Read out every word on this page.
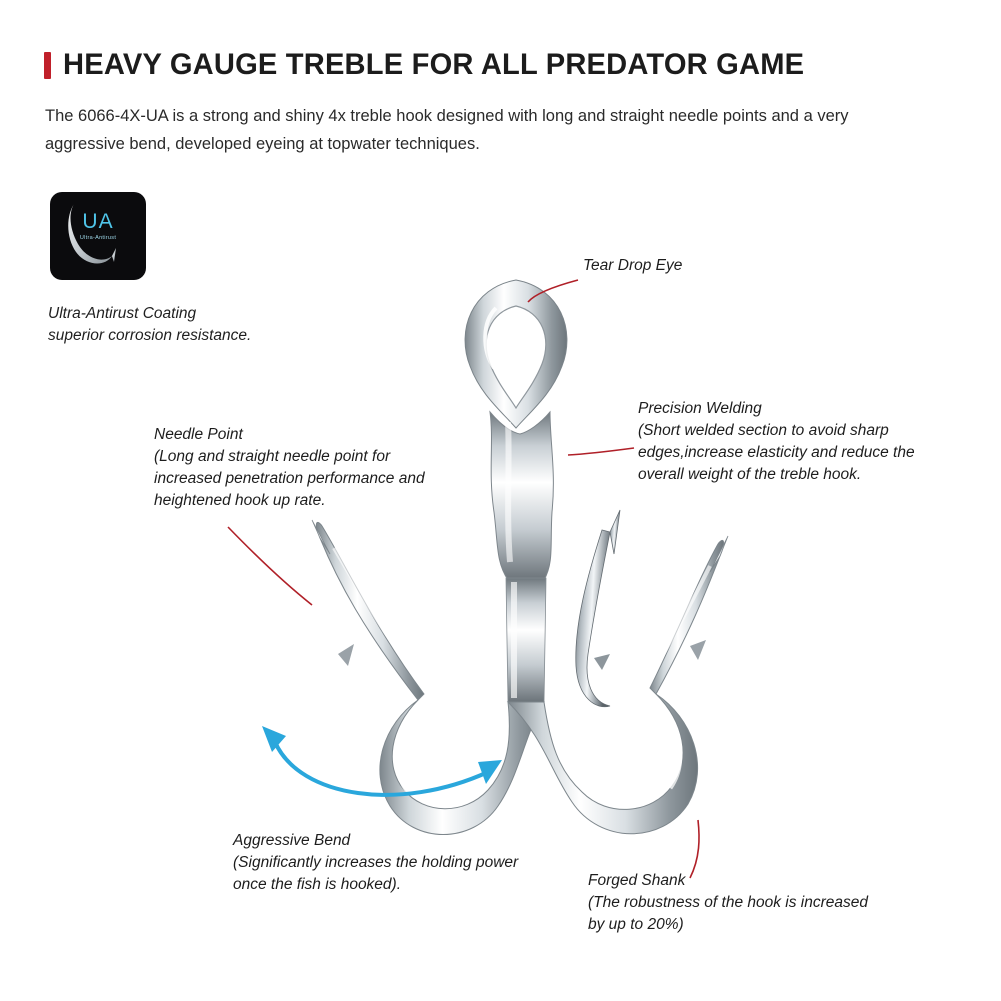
HEAVY GAUGE TREBLE FOR ALL PREDATOR GAME
The 6066-4X-UA is a strong and shiny 4x treble hook designed with long and straight needle points and a very aggressive bend, developed eyeing at topwater techniques.
UA
Ultra-Antirust
Ultra-Antirust Coating
superior corrosion resistance.
Tear Drop Eye
Precision Welding
(Short welded section to avoid sharp edges,increase elasticity and reduce the overall weight of the treble hook.
Needle Point
(Long and straight needle point for increased penetration performance and heightened hook up rate.
Aggressive Bend
(Significantly increases the holding power once the fish is hooked).	Forged Shank
(The robustness of the hook is increased by up to 20%)
